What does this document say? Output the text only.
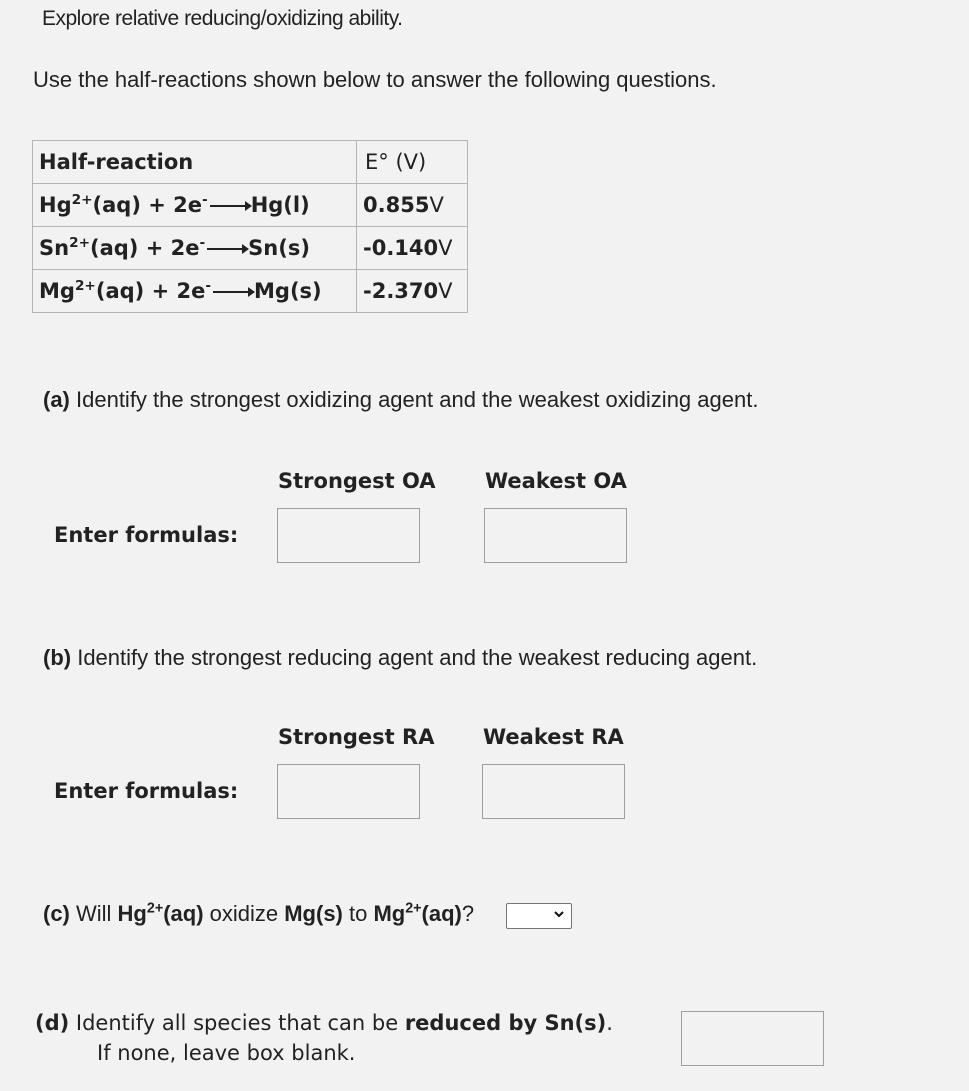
Explore relative reducing/oxidizing ability.
Use the half-reactions shown below to answer the following questions.
Half-reaction	E° (V)
$Hg^{2+}(aq) + 2e^-$ Hg(l)	0.855V
$Sn^{2+}(aq) + 2e^-$ Sn(s)	-0.140V
$Mg^{2+}(aq) + 2e^-$ Mg(s)	-2.370V
(a) Identify the strongest oxidizing agent and the weakest oxidizing agent.
Strongest OA Weakest OA
Enter formulas:
(b) Identify the strongest reducing agent and the weakest reducing agent.
Strongest RA Weakest RA
Enter formulas:
(c) Will $Hg^{2+}(aq)$ oxidize Mg(s) to $Mg^{2+}(aq)$?
(d) Identify all species that can be reduced by Sn(s).
If none, leave box blank.
